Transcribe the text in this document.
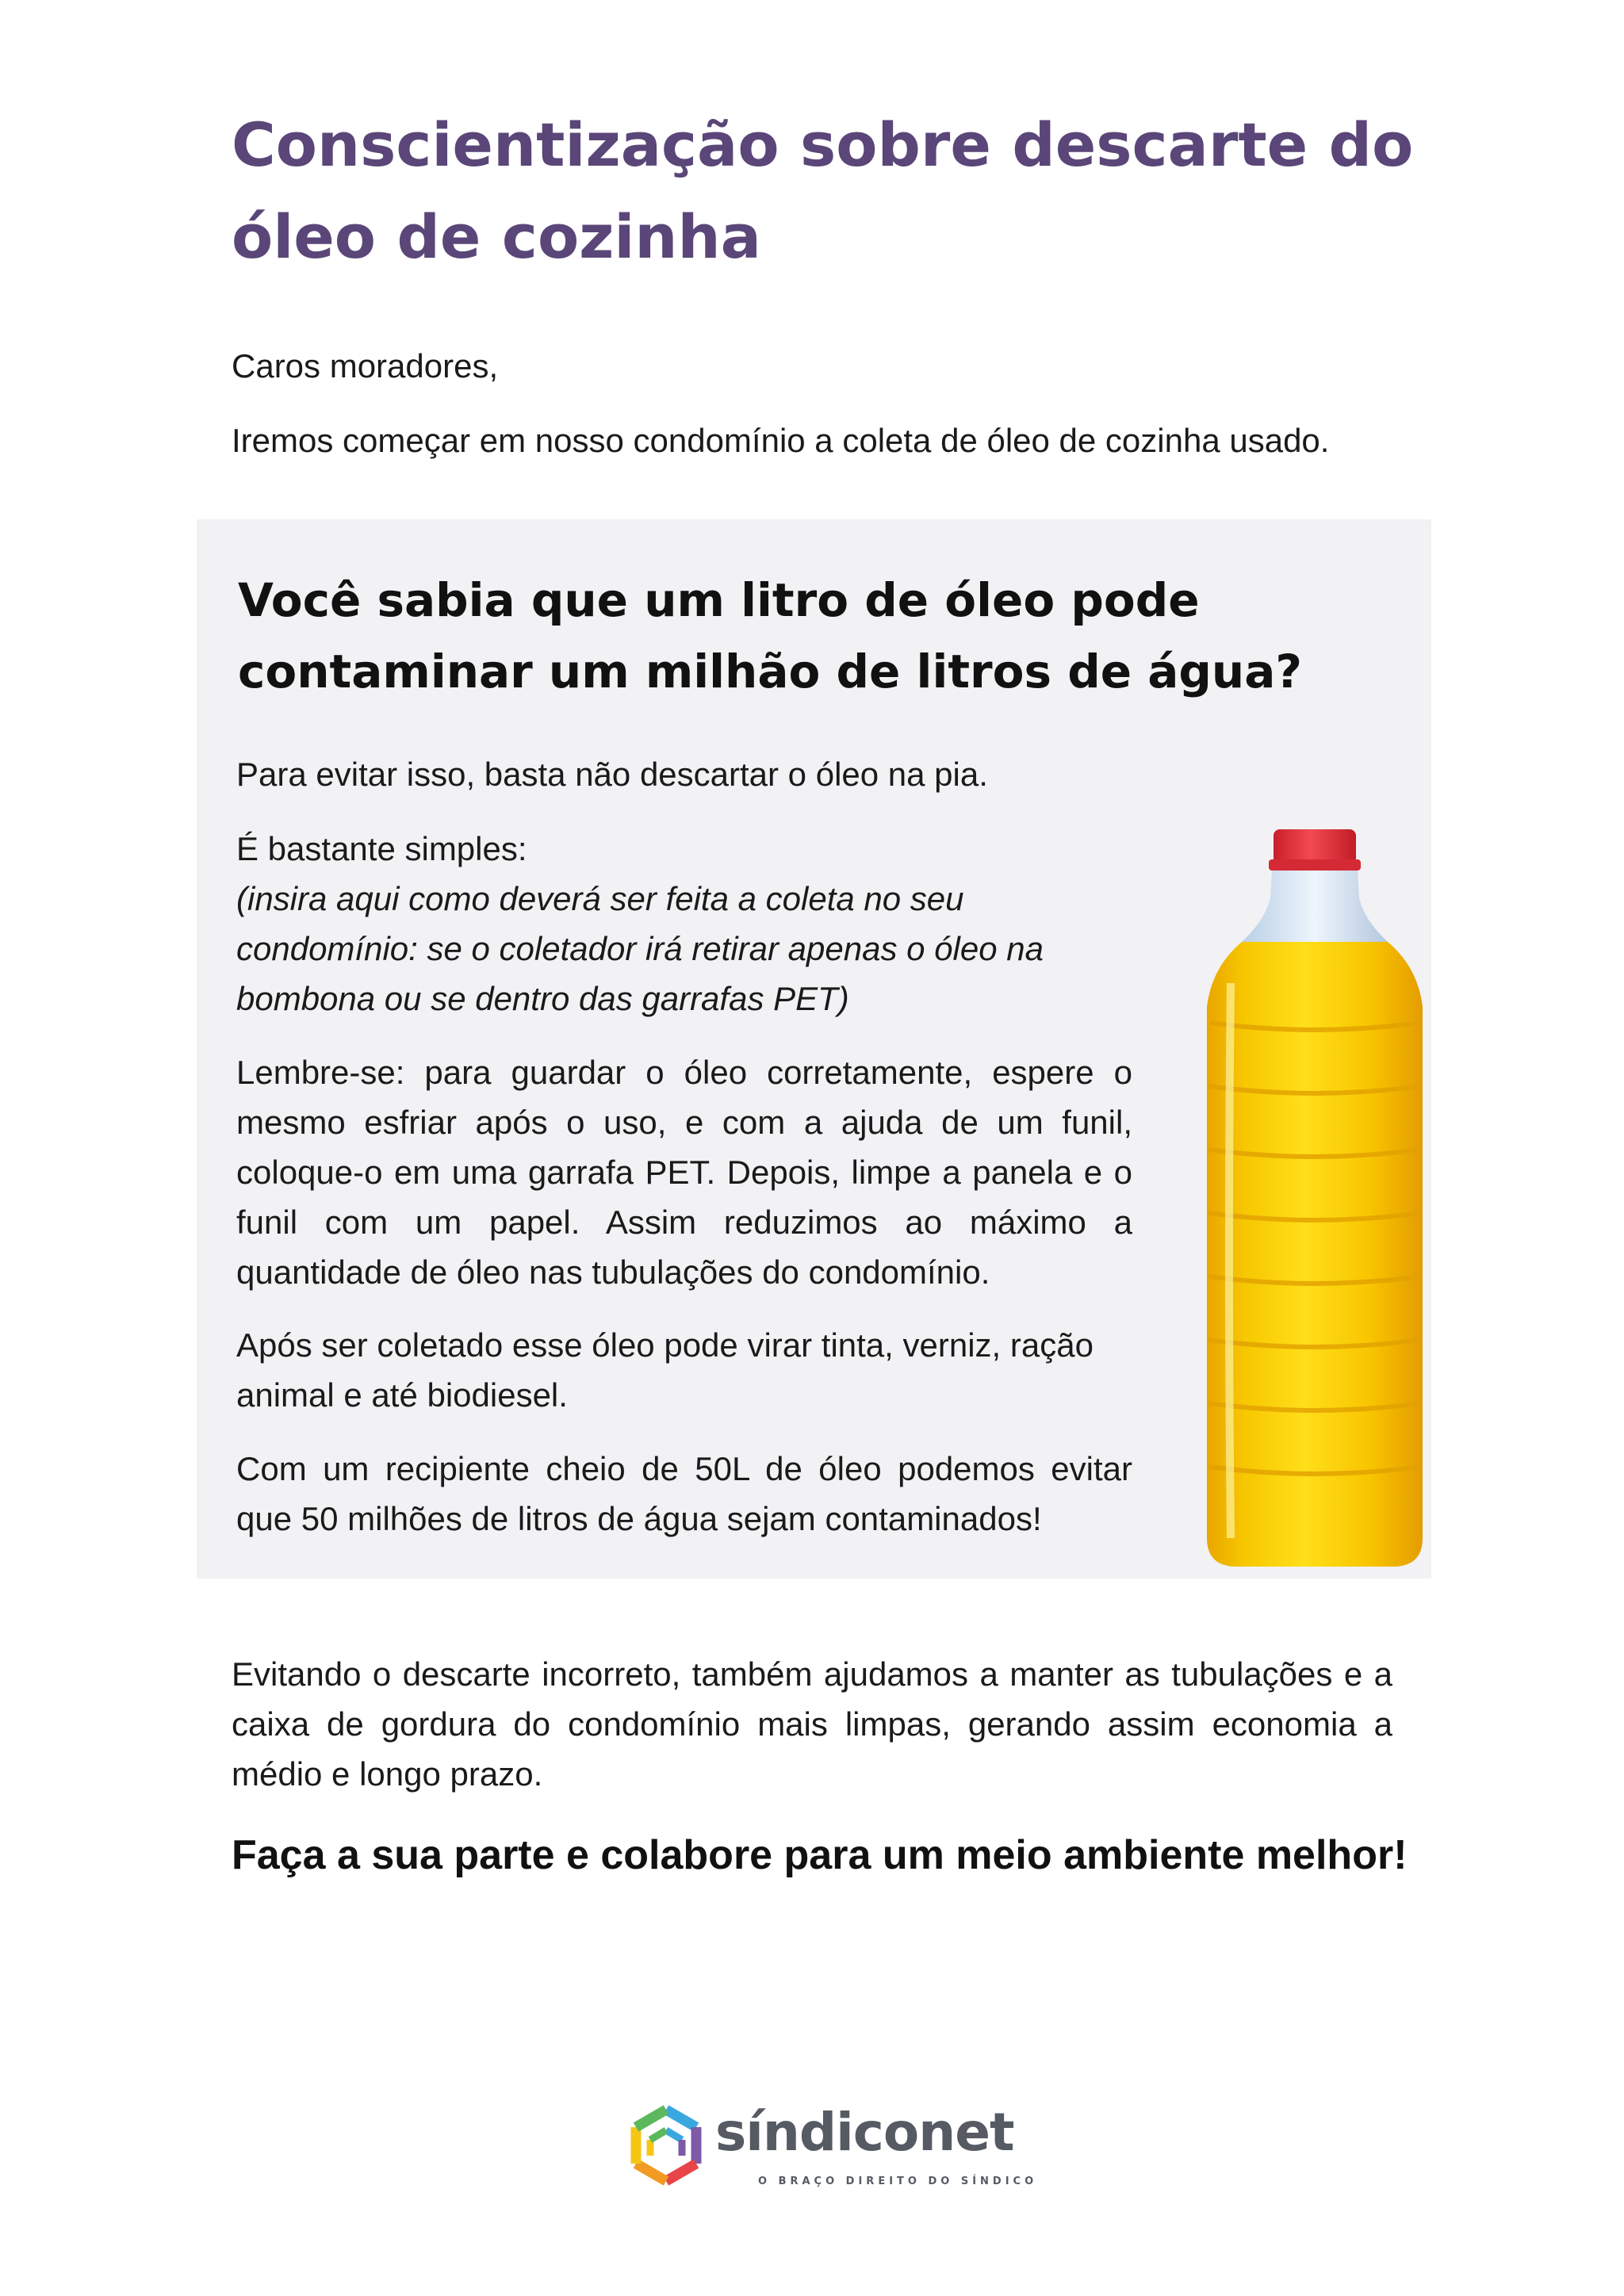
Conscientização sobre descarte do óleo de cozinha

Caros moradores,

Iremos começar em nosso condomínio a coleta de óleo de cozinha usado.

Você sabia que um litro de óleo pode contaminar um milhão de litros de água?

Para evitar isso, basta não descartar o óleo na pia.

É bastante simples:
(insira aqui como deverá ser feita a coleta no seu condomínio: se o coletador irá retirar apenas o óleo na bombona ou se dentro das garrafas PET)

Lembre-se: para guardar o óleo corretamente, espere o mesmo esfriar após o uso, e com a ajuda de um funil, coloque-o em uma garrafa PET. Depois, limpe a panela e o funil com um papel. Assim reduzimos ao máximo a quantidade de óleo nas tubulações do condomínio.

Após ser coletado esse óleo pode virar tinta, verniz, ração animal e até biodiesel.

Com um recipiente cheio de 50L de óleo podemos evitar que 50 milhões de litros de água sejam contaminados!

Evitando o descarte incorreto, também ajudamos a manter as tubulações e a caixa de gordura do condomínio mais limpas, gerando assim economia a médio e longo prazo.

Faça a sua parte e colabore para um meio ambiente melhor!

síndiconet
O BRAÇO DIREITO DO SÍNDICO
